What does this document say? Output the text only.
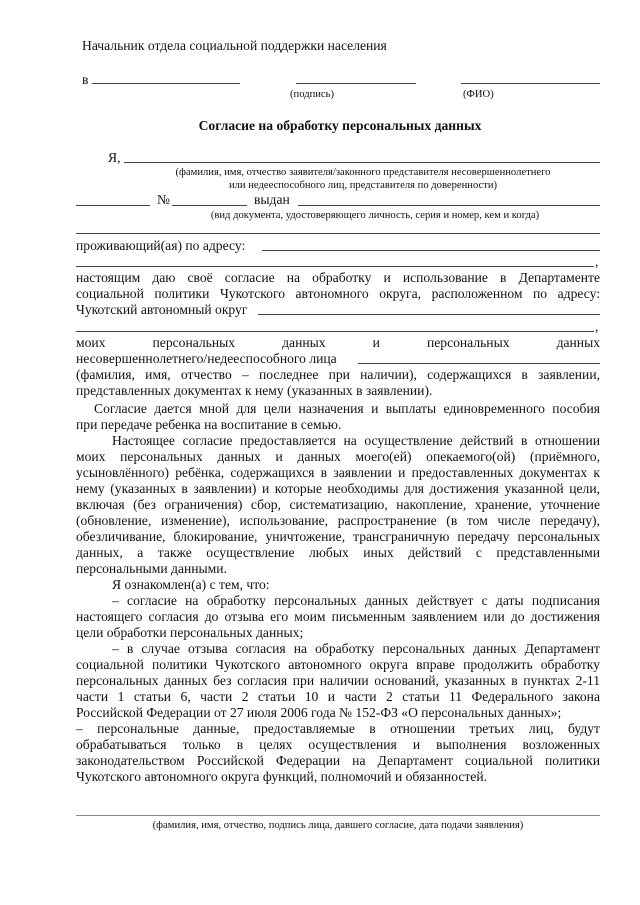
Начальник отдела социальной поддержки населения
в
(подпись)	(ФИО)
Согласие на обработку персональных данных
Я,
(фамилия, имя, отчество заявителя/законного представителя несовершеннолетнего
или недееспособного лиц, представителя по доверенности)
№	выдан
(вид документа, удостоверяющего личность, серия и номер, кем и когда)
проживающий(ая) по адресу:
,
настоящим даю своё согласие на обработку и использование в Департаменте
социальной политики Чукотского автономного округа, расположенном по адресу:
Чукотский автономный округ
,
моих персональных данных и персональных данных
несовершеннолетнего/недееспособного лица
(фамилия, имя, отчество – последнее при наличии), содержащихся в заявлении,
представленных документах к нему (указанных в заявлении).
Согласие дается мной для цели назначения и выплаты единовременного пособия
при передаче ребенка на воспитание в семью.
Настоящее согласие предоставляется на осуществление действий в отношении
моих персональных данных и данных моего(ей) опекаемого(ой) (приёмного,
усыновлённого) ребёнка, содержащихся в заявлении и предоставленных документах к
нему (указанных в заявлении) и которые необходимы для достижения указанной цели,
включая (без ограничения) сбор, систематизацию, накопление, хранение, уточнение
(обновление, изменение), использование, распространение (в том числе передачу),
обезличивание, блокирование, уничтожение, трансграничную передачу персональных
данных, а также осуществление любых иных действий с представленными
персональными данными.
Я ознакомлен(а) с тем, что:
– согласие на обработку персональных данных действует с даты подписания
настоящего согласия до отзыва его моим письменным заявлением или до достижения
цели обработки персональных данных;
– в случае отзыва согласия на обработку персональных данных Департамент
социальной политики Чукотского автономного округа вправе продолжить обработку
персональных данных без согласия при наличии оснований, указанных в пунктах 2-11
части 1 статьи 6, части 2 статьи 10 и части 2 статьи 11 Федерального закона
Российской Федерации от 27 июля 2006 года № 152-ФЗ «О персональных данных»;
– персональные данные, предоставляемые в отношении третьих лиц, будут
обрабатываться только в целях осуществления и выполнения возложенных
законодательством Российской Федерации на Департамент социальной политики
Чукотского автономного округа функций, полномочий и обязанностей.
(фамилия, имя, отчество, подпись лица, давшего согласие, дата подачи заявления)
